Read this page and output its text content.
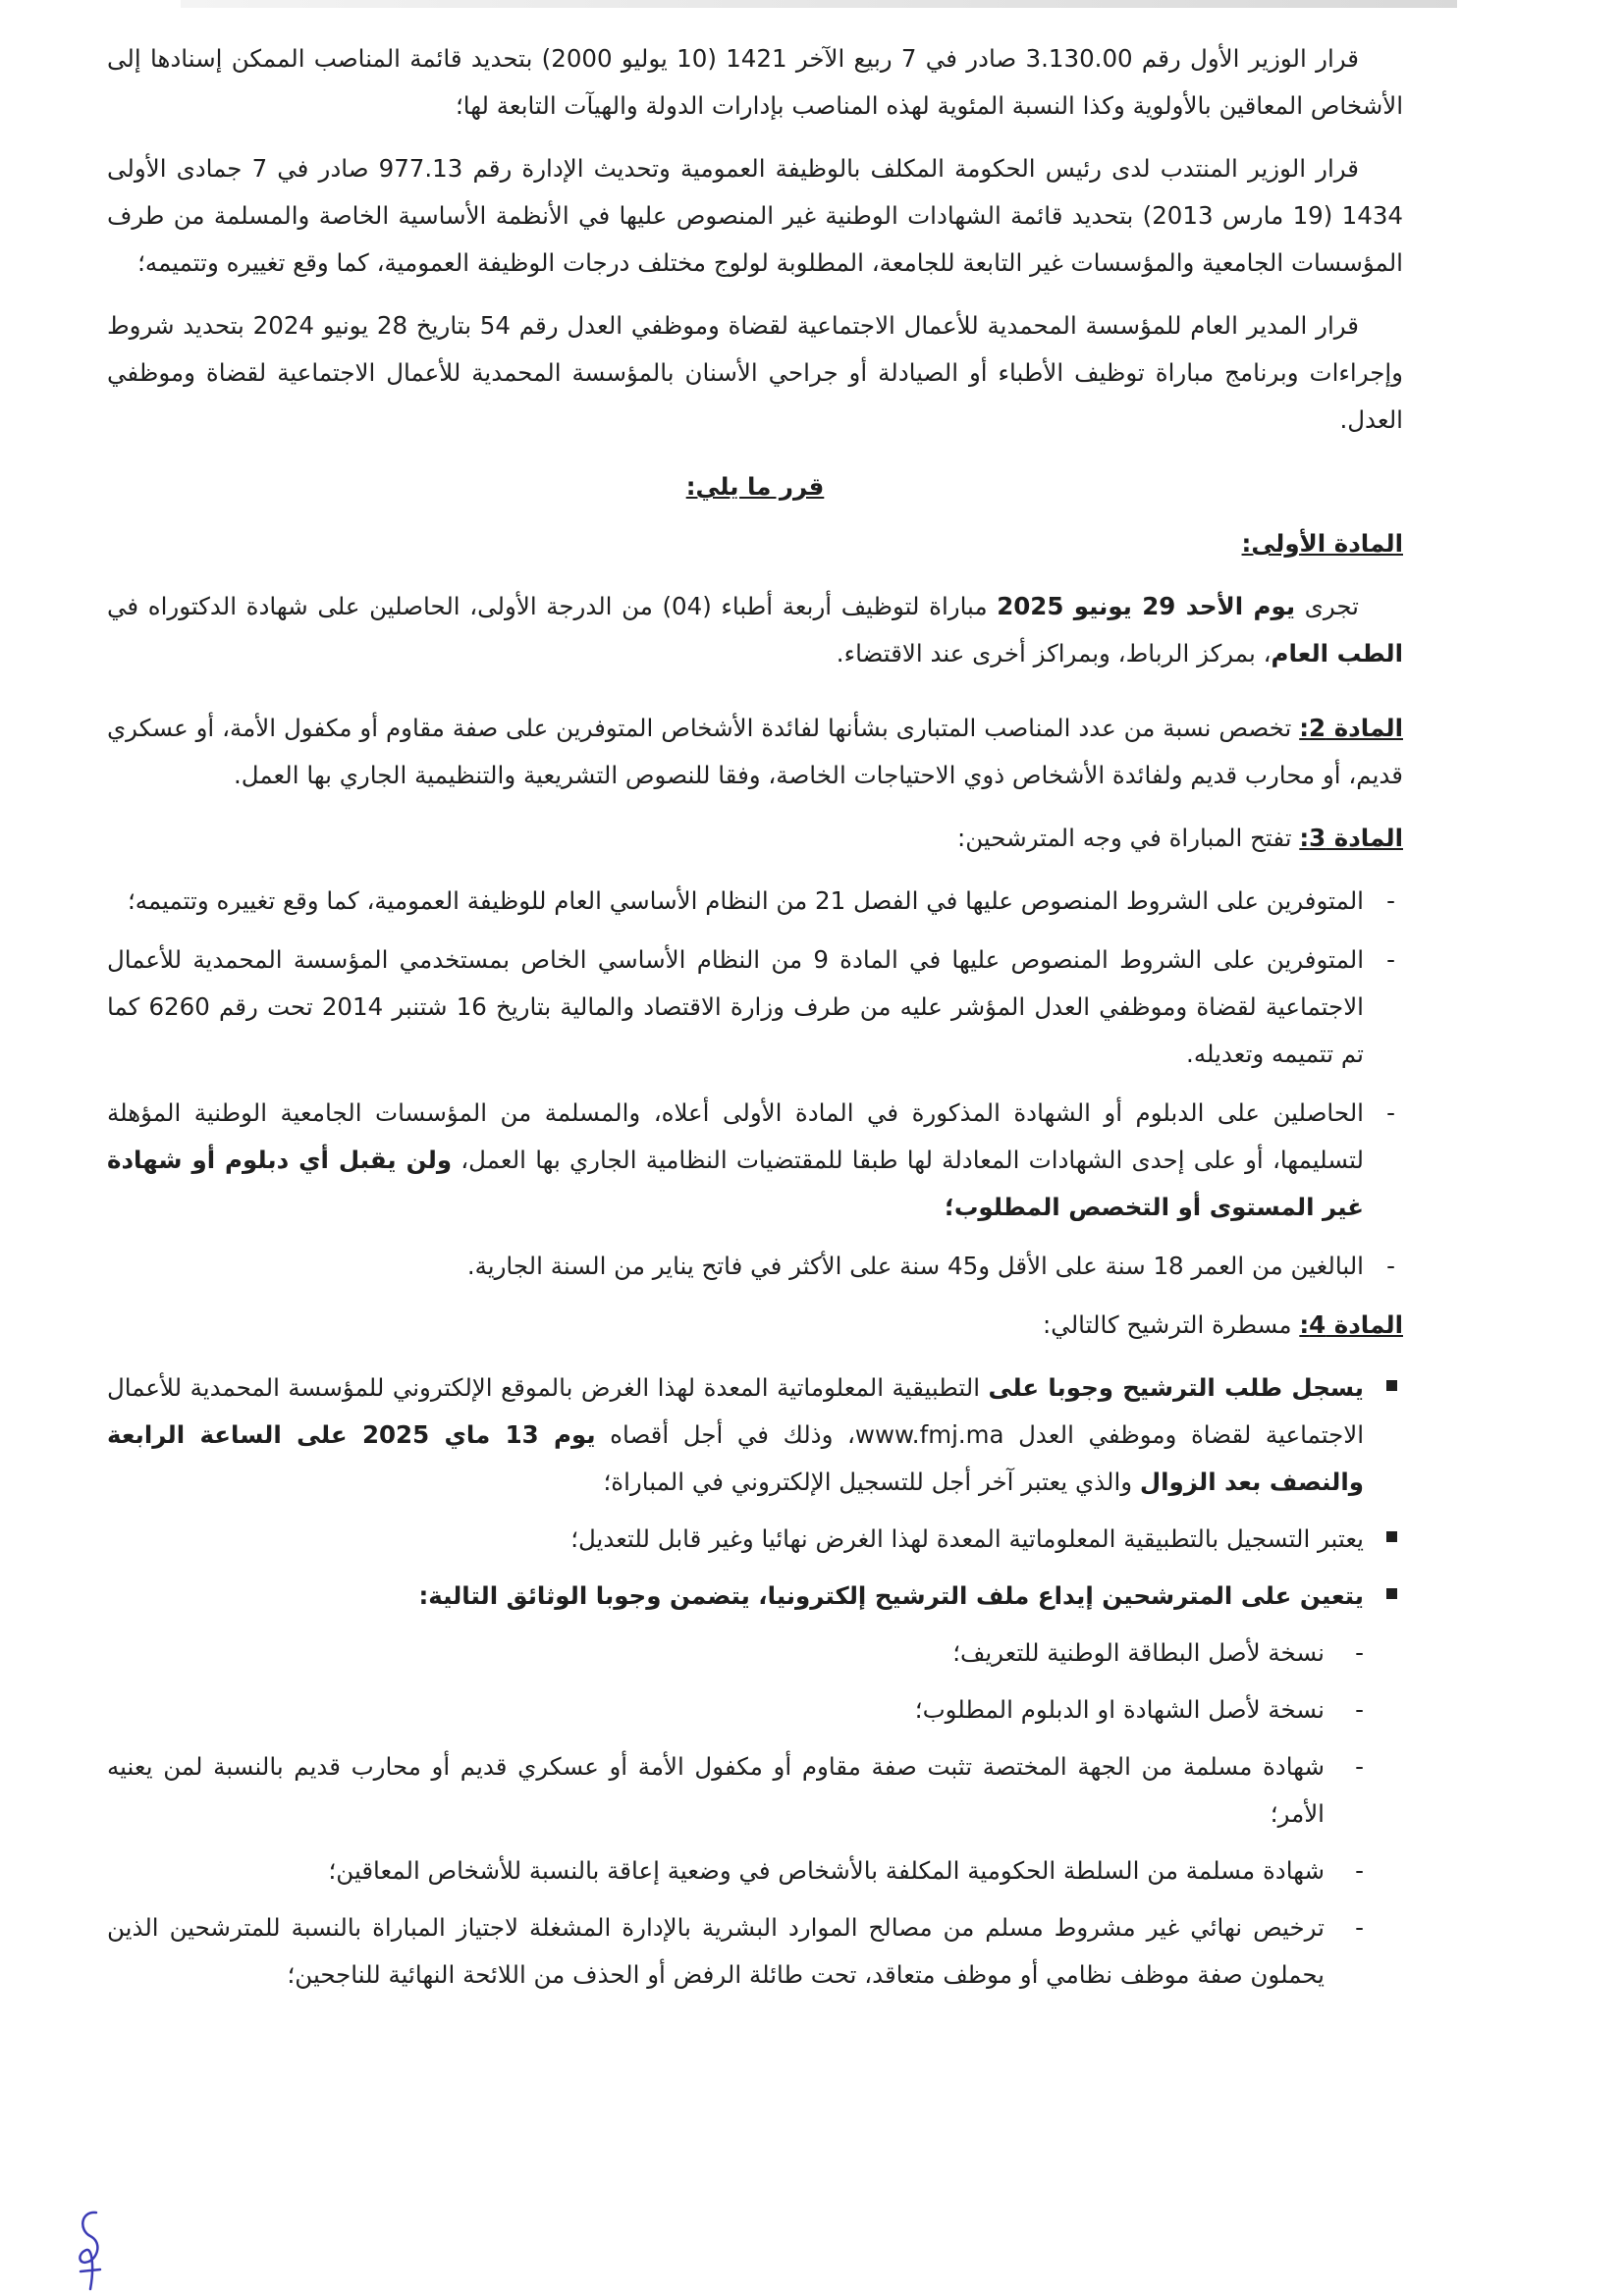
قرار الوزير الأول رقم 3.130.00 صادر في 7 ربيع الآخر 1421 (10 يوليو 2000) بتحديد قائمة المناصب الممكن إسنادها إلى الأشخاص المعاقين بالأولوية وكذا النسبة المئوية لهذه المناصب بإدارات الدولة والهيآت التابعة لها؛

قرار الوزير المنتدب لدى رئيس الحكومة المكلف بالوظيفة العمومية وتحديث الإدارة رقم 977.13 صادر في 7 جمادى الأولى 1434 (19 مارس 2013) بتحديد قائمة الشهادات الوطنية غير المنصوص عليها في الأنظمة الأساسية الخاصة والمسلمة من طرف المؤسسات الجامعية والمؤسسات غير التابعة للجامعة، المطلوبة لولوج مختلف درجات الوظيفة العمومية، كما وقع تغييره وتتميمه؛

قرار المدير العام للمؤسسة المحمدية للأعمال الاجتماعية لقضاة وموظفي العدل رقم 54 بتاريخ 28 يونيو 2024 بتحديد شروط وإجراءات وبرنامج مباراة توظيف الأطباء أو الصيادلة أو جراحي الأسنان بالمؤسسة المحمدية للأعمال الاجتماعية لقضاة وموظفي العدل.

قرر ما يلي:

المادة الأولى:

تجرى يوم الأحد 29 يونيو 2025 مباراة لتوظيف أربعة أطباء (04) من الدرجة الأولى، الحاصلين على شهادة الدكتوراه في الطب العام، بمركز الرباط، وبمراكز أخرى عند الاقتضاء.

المادة 2: تخصص نسبة من عدد المناصب المتبارى بشأنها لفائدة الأشخاص المتوفرين على صفة مقاوم أو مكفول الأمة، أو عسكري قديم، أو محارب قديم ولفائدة الأشخاص ذوي الاحتياجات الخاصة، وفقا للنصوص التشريعية والتنظيمية الجاري بها العمل.

المادة 3: تفتح المباراة في وجه المترشحين:

- المتوفرين على الشروط المنصوص عليها في الفصل 21 من النظام الأساسي العام للوظيفة العمومية، كما وقع تغييره وتتميمه؛
- المتوفرين على الشروط المنصوص عليها في المادة 9 من النظام الأساسي الخاص بمستخدمي المؤسسة المحمدية للأعمال الاجتماعية لقضاة وموظفي العدل المؤشر عليه من طرف وزارة الاقتصاد والمالية بتاريخ 16 شتنبر 2014 تحت رقم 6260 كما تم تتميمه وتعديله.
- الحاصلين على الدبلوم أو الشهادة المذكورة في المادة الأولى أعلاه، والمسلمة من المؤسسات الجامعية الوطنية المؤهلة لتسليمها، أو على إحدى الشهادات المعادلة لها طبقا للمقتضيات النظامية الجاري بها العمل، ولن يقبل أي دبلوم أو شهادة غير المستوى أو التخصص المطلوب؛
- البالغين من العمر 18 سنة على الأقل و45 سنة على الأكثر في فاتح يناير من السنة الجارية.

المادة 4: مسطرة الترشيح كالتالي:

يسجل طلب الترشيح وجوبا على التطبيقية المعلوماتية المعدة لهذا الغرض بالموقع الإلكتروني للمؤسسة المحمدية للأعمال الاجتماعية لقضاة وموظفي العدل www.fmj.ma، وذلك في أجل أقصاه يوم 13 ماي 2025 على الساعة الرابعة والنصف بعد الزوال والذي يعتبر آخر أجل للتسجيل الإلكتروني في المباراة؛
يعتبر التسجيل بالتطبيقية المعلوماتية المعدة لهذا الغرض نهائيا وغير قابل للتعديل؛
يتعين على المترشحين إيداع ملف الترشيح إلكترونيا، يتضمن وجوبا الوثائق التالية:
- نسخة لأصل البطاقة الوطنية للتعريف؛
- نسخة لأصل الشهادة او الدبلوم المطلوب؛
- شهادة مسلمة من الجهة المختصة تثبت صفة مقاوم أو مكفول الأمة أو عسكري قديم أو محارب قديم بالنسبة لمن يعنيه الأمر؛
- شهادة مسلمة من السلطة الحكومية المكلفة بالأشخاص في وضعية إعاقة بالنسبة للأشخاص المعاقين؛
- ترخيص نهائي غير مشروط مسلم من مصالح الموارد البشرية بالإدارة المشغلة لاجتياز المباراة بالنسبة للمترشحين الذين يحملون صفة موظف نظامي أو موظف متعاقد، تحت طائلة الرفض أو الحذف من اللائحة النهائية للناجحين؛
